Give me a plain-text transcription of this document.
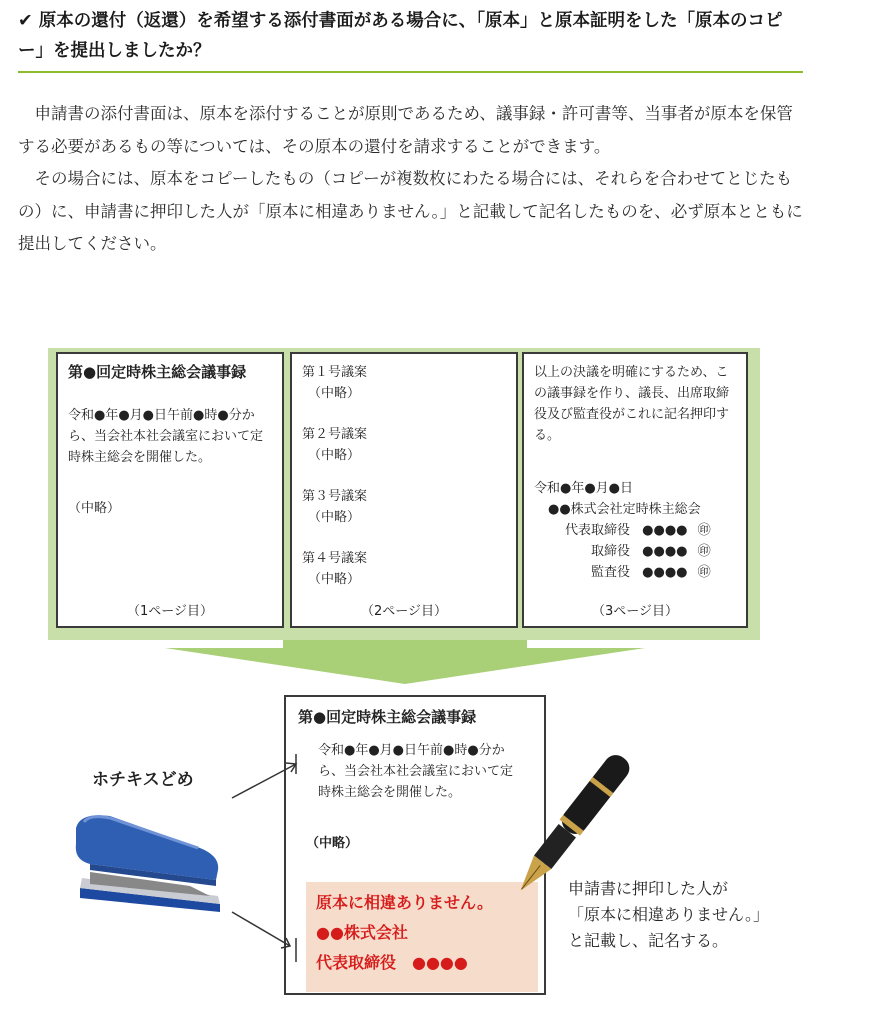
✔ 原本の還付（返還）を希望する添付書面がある場合に、「原本」と原本証明をした「原本のコピー」を提出しましたか？

申請書の添付書面は、原本を添付することが原則であるため、議事録・許可書等、当事者が原本を保管する必要があるもの等については、その原本の還付を請求することができます。

その場合には、原本をコピーしたもの（コピーが複数枚にわたる場合には、それらを合わせてとじたもの）に、申請書に押印した人が「原本に相違ありません。」と記載して記名したものを、必ず原本とともに提出してください。

第●回定時株主総会議事録
令和●年●月●日午前●時●分から、当会社本社会議室において定時株主総会を開催した。
（中略）
（1ページ目）
第１号議案
（中略）
第２号議案
（中略）
第３号議案
（中略）
第４号議案
（中略）
（2ページ目）
以上の決議を明確にするため、この議事録を作り、議長、出席取締役及び監査役がこれに記名押印する。
令和●年●月●日
●●株式会社定時株主総会
代表取締役 ●●●● ㊞
取締役 ●●●● ㊞
監査役 ●●●● ㊞
（3ページ目）
第●回定時株主総会議事録
令和●年●月●日午前●時●分から、当会社本社会議室において定時株主総会を開催した。
（中略）
原本に相違ありません。
●●株式会社
代表取締役　●●●●
ホチキスどめ
申請書に押印した人が
「原本に相違ありません。」
と記載し、記名する。
